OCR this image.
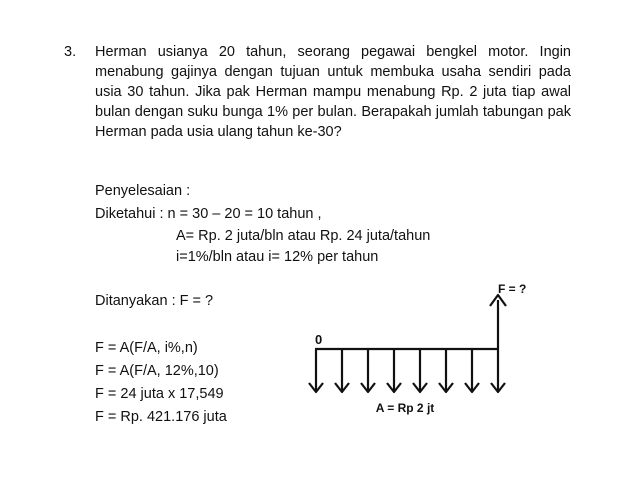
3. Herman usianya 20 tahun, seorang pegawai bengkel motor. Ingin menabung gajinya dengan tujuan untuk membuka usaha sendiri pada usia 30 tahun. Jika pak Herman mampu menabung Rp. 2 juta tiap awal bulan dengan suku bunga 1% per bulan. Berapakah jumlah tabungan pak Herman pada usia ulang tahun ke-30?
Penyelesaian :
Diketahui : n = 30 – 20 = 10 tahun ,
A= Rp. 2 juta/bln atau Rp. 24 juta/tahun
i=1%/bln atau i= 12% per tahun
Ditanyakan : F = ?
F = A(F/A, i%,n)
F = A(F/A, 12%,10)
F = 24 juta x 17,549
F = Rp. 421.176 juta
F = ?
0
A = Rp 2 jt
